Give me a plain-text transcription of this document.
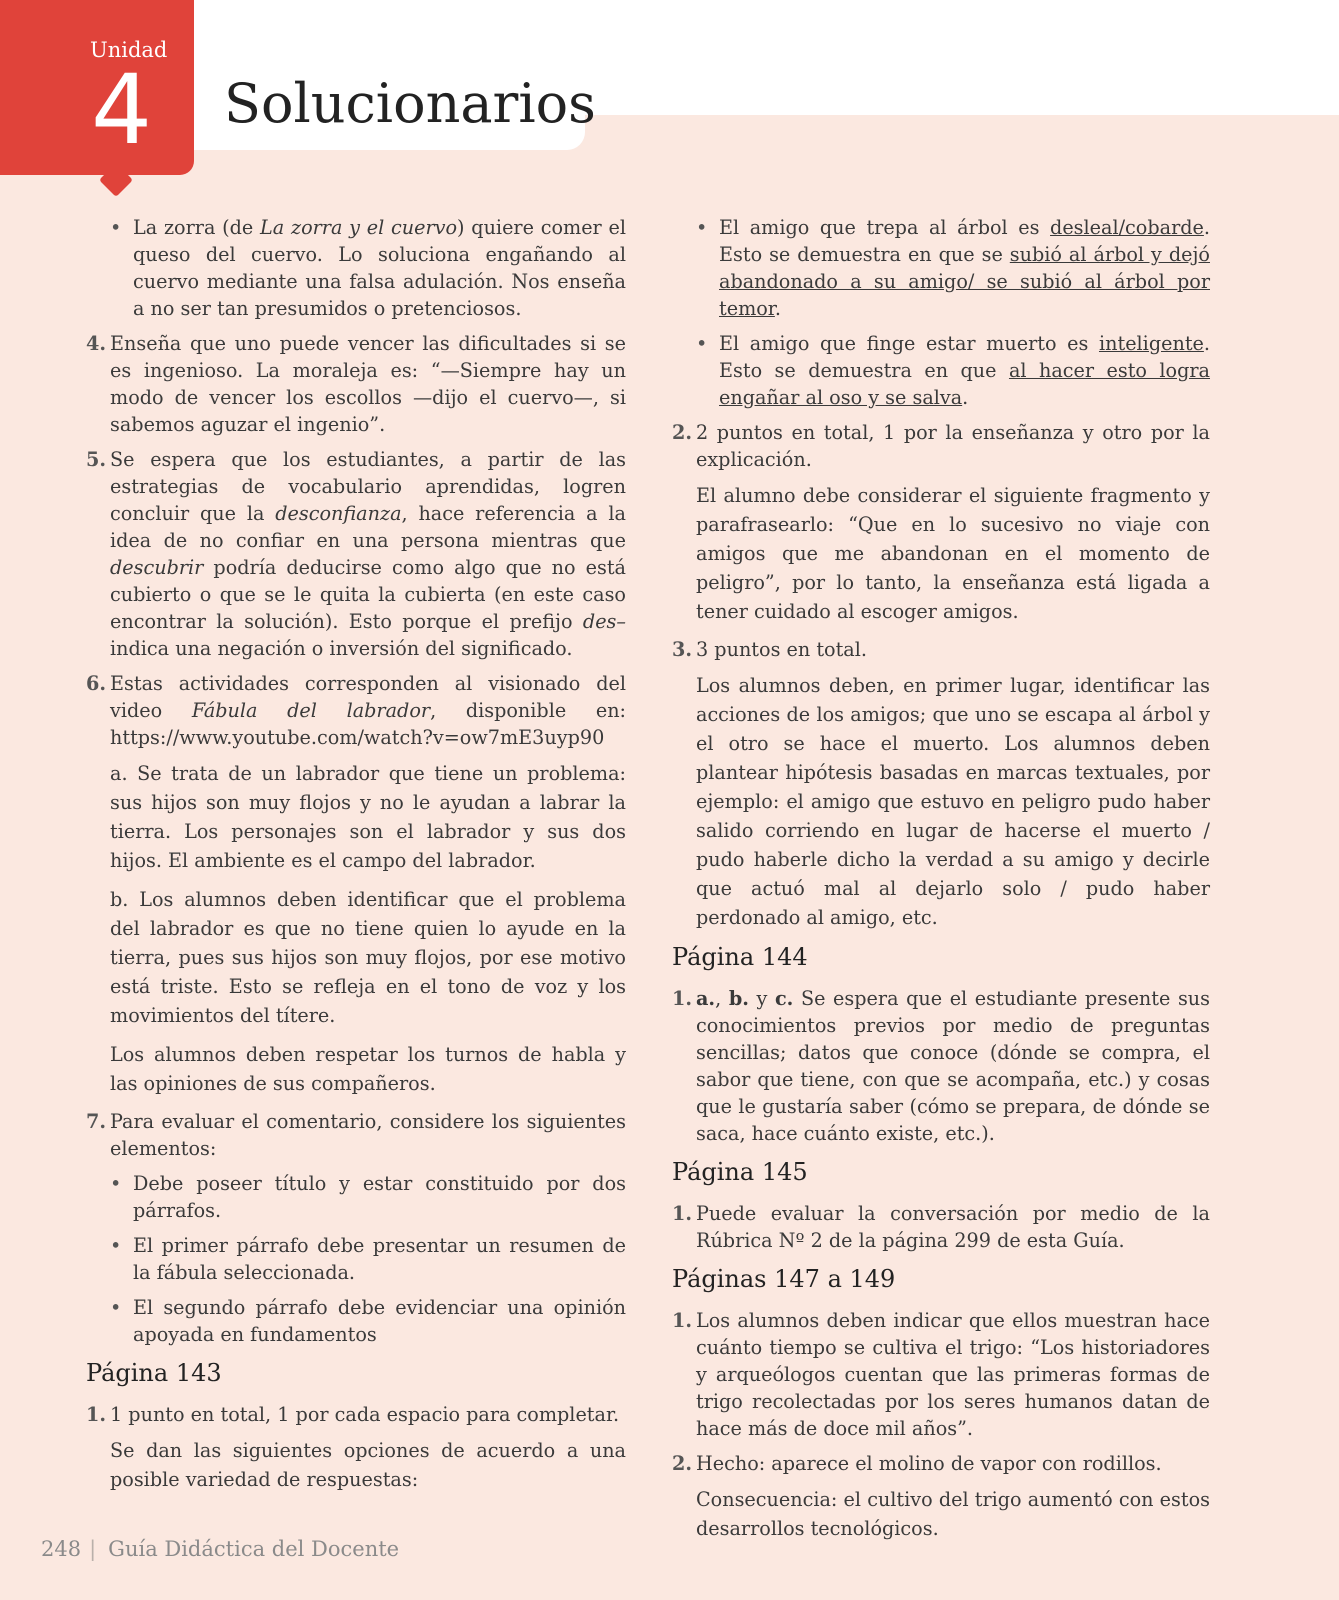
Solucionarios
Unidad
4
• La zorra (de La zorra y el cuervo) quiere comer el queso del cuervo. Lo soluciona engañando al cuervo mediante una falsa adulación. Nos enseña a no ser tan presumidos o pretenciosos.
4. Enseña que uno puede vencer las dificultades si se es ingenioso. La moraleja es: “—Siempre hay un modo de vencer los escollos —dijo el cuervo—, si sabemos aguzar el ingenio”.
5. Se espera que los estudiantes, a partir de las estrategias de vocabulario aprendidas, logren concluir que la desconfianza, hace referencia a la idea de no confiar en una persona mientras que descubrir podría deducirse como algo que no está cubierto o que se le quita la cubierta (en este caso encontrar la solución). Esto porque el prefijo des– indica una negación o inversión del significado.
6. Estas actividades corresponden al visionado del video Fábula del labrador, disponible en: https://www.youtube.com/watch?v=ow7mE3uyp90
a. Se trata de un labrador que tiene un problema: sus hijos son muy flojos y no le ayudan a labrar la tierra. Los personajes son el labrador y sus dos hijos. El ambiente es el campo del labrador.
b. Los alumnos deben identificar que el problema del labrador es que no tiene quien lo ayude en la tierra, pues sus hijos son muy flojos, por ese motivo está triste. Esto se refleja en el tono de voz y los movimientos del títere.
Los alumnos deben respetar los turnos de habla y las opiniones de sus compañeros.
7. Para evaluar el comentario, considere los siguientes elementos:
• Debe poseer título y estar constituido por dos párrafos.
• El primer párrafo debe presentar un resumen de la fábula seleccionada.
• El segundo párrafo debe evidenciar una opinión apoyada en fundamentos
Página 143
1. 1 punto en total, 1 por cada espacio para completar.
Se dan las siguientes opciones de acuerdo a una posible variedad de respuestas:
• El amigo que trepa al árbol es desleal/cobarde. Esto se demuestra en que se subió al árbol y dejó abandonado a su amigo/ se subió al árbol por temor.
• El amigo que finge estar muerto es inteligente. Esto se demuestra en que al hacer esto logra engañar al oso y se salva.
2. 2 puntos en total, 1 por la enseñanza y otro por la explicación.
El alumno debe considerar el siguiente fragmento y parafrasearlo: “Que en lo sucesivo no viaje con amigos que me abandonan en el momento de peligro”, por lo tanto, la enseñanza está ligada a tener cuidado al escoger amigos.
3. 3 puntos en total.
Los alumnos deben, en primer lugar, identificar las acciones de los amigos; que uno se escapa al árbol y el otro se hace el muerto. Los alumnos deben plantear hipótesis basadas en marcas textuales, por ejemplo: el amigo que estuvo en peligro pudo haber salido corriendo en lugar de hacerse el muerto / pudo haberle dicho la verdad a su amigo y decirle que actuó mal al dejarlo solo / pudo haber perdonado al amigo, etc.
Página 144
1. a., b. y c. Se espera que el estudiante presente sus conocimientos previos por medio de preguntas sencillas; datos que conoce (dónde se compra, el sabor que tiene, con que se acompaña, etc.) y cosas que le gustaría saber (cómo se prepara, de dónde se saca, hace cuánto existe, etc.).
Página 145
1. Puede evaluar la conversación por medio de la Rúbrica Nº 2 de la página 299 de esta Guía.
Páginas 147 a 149
1. Los alumnos deben indicar que ellos muestran hace cuánto tiempo se cultiva el trigo: “Los historiadores y arqueólogos cuentan que las primeras formas de trigo recolectadas por los seres humanos datan de hace más de doce mil años”.
2. Hecho: aparece el molino de vapor con rodillos.
Consecuencia: el cultivo del trigo aumentó con estos desarrollos tecnológicos.
248 | Guía Didáctica del Docente
